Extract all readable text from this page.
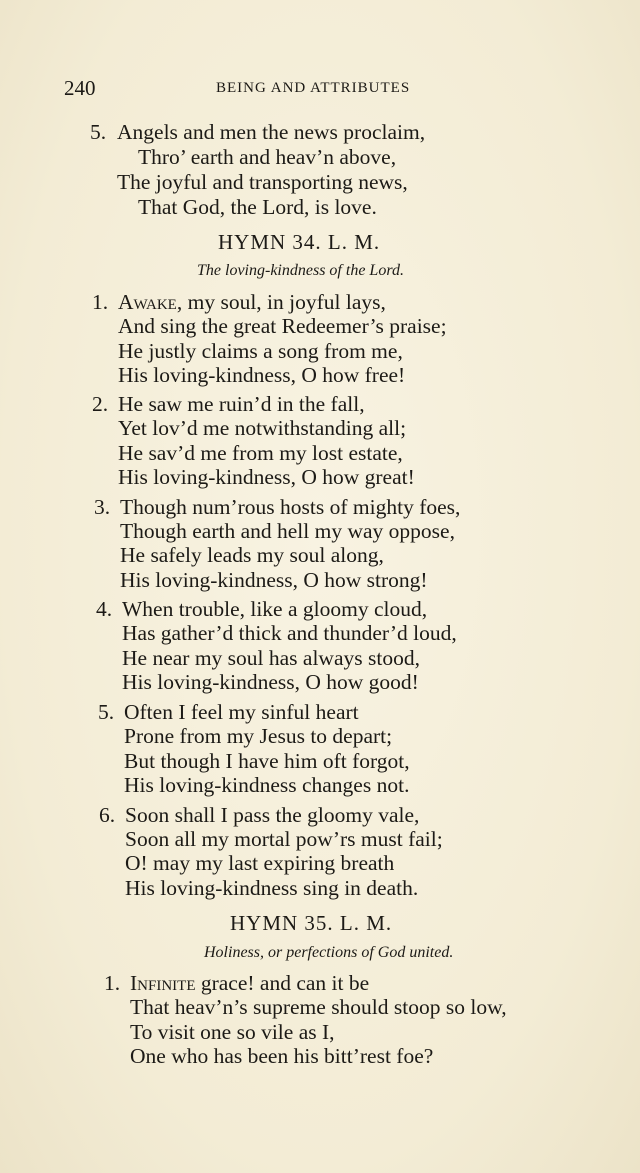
240	BEING AND ATTRIBUTES
5. Angels and men the news proclaim,
Thro’ earth and heav’n above,
The joyful and transporting news,
That God, the Lord, is love.
HYMN 34. L. M.
The loving-kindness of the Lord.
1. Awake, my soul, in joyful lays,
And sing the great Redeemer’s praise;
He justly claims a song from me,
His loving-kindness, O how free!
2. He saw me ruin’d in the fall,
Yet lov’d me notwithstanding all;
He sav’d me from my lost estate,
His loving-kindness, O how great!
3. Though num’rous hosts of mighty foes,
Though earth and hell my way oppose,
He safely leads my soul along,
His loving-kindness, O how strong!
4. When trouble, like a gloomy cloud,
Has gather’d thick and thunder’d loud,
He near my soul has always stood,
His loving-kindness, O how good!
5. Often I feel my sinful heart
Prone from my Jesus to depart;
But though I have him oft forgot,
His loving-kindness changes not.
6. Soon shall I pass the gloomy vale,
Soon all my mortal pow’rs must fail;
O! may my last expiring breath
His loving-kindness sing in death.
HYMN 35. L. M.
Holiness, or perfections of God united.
1. Infinite grace! and can it be
That heav’n’s supreme should stoop so low,
To visit one so vile as I,
One who has been his bitt’rest foe?
